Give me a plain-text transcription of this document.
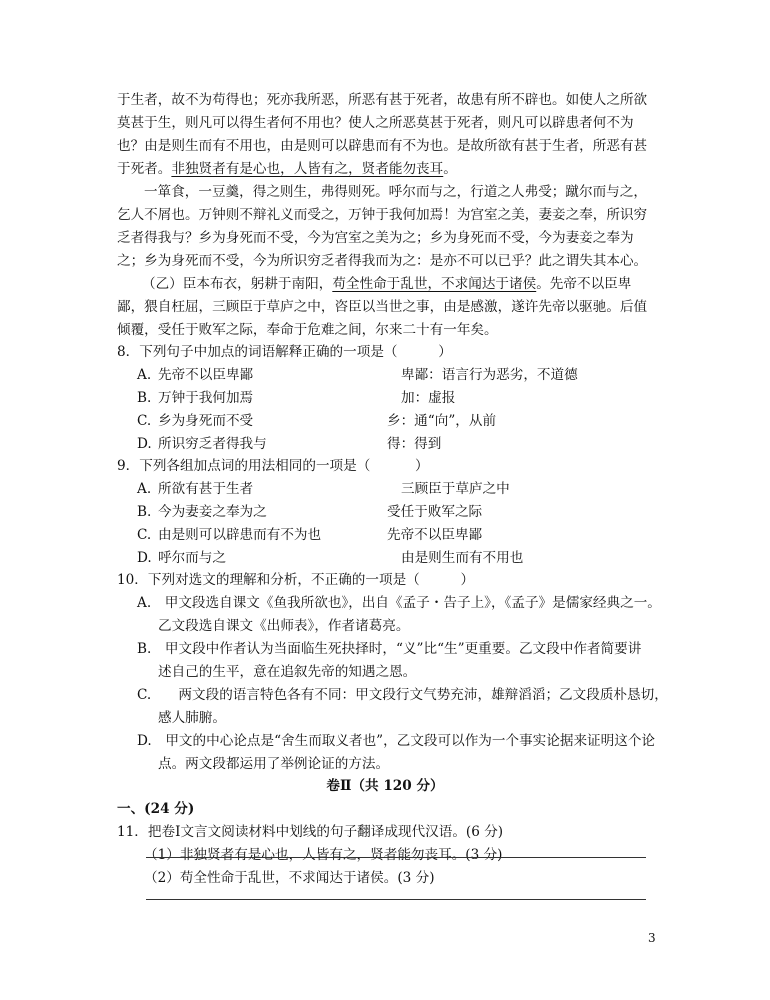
于生者，故不为苟得也；死亦我所恶，所恶有甚于死者，故患有所不辟也。如使人之所欲
莫甚于生，则凡可以得生者何不用也？使人之所恶莫甚于死者，则凡可以辟患者何不为
也？由是则生而有不用也，由是则可以辟患而有不为也。是故所欲有甚于生者，所恶有甚
于死者。非独贤者有是心也，人皆有之，贤者能勿丧耳。
一箪食，一豆羹，得之则生，弗得则死。呼尔而与之，行道之人弗受；蹴尔而与之，
乞人不屑也。万钟则不辩礼义而受之，万钟于我何加焉！为宫室之美，妻妾之奉，所识穷
乏者得我与？乡为身死而不受，今为宫室之美为之；乡为身死而不受，今为妻妾之奉为
之；乡为身死而不受，今为所识穷乏者得我而为之：是亦不可以已乎？此之谓失其本心。
（乙）臣本布衣，躬耕于南阳，苟全性命于乱世，不求闻达于诸侯。先帝不以臣卑
鄙，猥自枉屈，三顾臣于草庐之中，咨臣以当世之事，由是感激，遂许先帝以驱驰。后值
倾覆，受任于败军之际，奉命于危难之间，尔来二十有一年矣。
8．下列句子中加点的词语解释正确的一项是（　　　）
A. 先帝不以臣卑鄙	卑鄙：语言行为恶劣，不道德
B. 万钟于我何加焉	加：虚报
C. 乡为身死而不受	乡：通“向”，从前
D. 所识穷乏者得我与	得：得到
9．下列各组加点词的用法相同的一项是（	）
A. 所欲有甚于生者	三顾臣于草庐之中
B. 今为妻妾之奉为之	受任于败军之际
C. 由是则可以辟患而有不为也	先帝不以臣卑鄙
D. 呼尔而与之	由是则生而有不用也
10．下列对选文的理解和分析，不正确的一项是（　　　）
A.　甲文段选自课文《鱼我所欲也》，出自《孟子・告子上》，《孟子》是儒家经典之一。
乙文段选自课文《出师表》，作者诸葛亮。
B.　甲文段中作者认为当面临生死抉择时，“义”比“生”更重要。乙文段中作者简要讲
述自己的生平，意在追叙先帝的知遇之恩。
C.　　两文段的语言特色各有不同：甲文段行文气势充沛，雄辩滔滔；乙文段质朴恳切，
感人肺腑。
D.　甲文的中心论点是“舍生而取义者也”，乙文段可以作为一个事实论据来证明这个论
点。两文段都运用了举例论证的方法。
卷Ⅱ（共 120 分）
一、(24 分)
11．把卷Ⅰ文言文阅读材料中划线的句子翻译成现代汉语。(6 分)
（1）非独贤者有是心也，人皆有之，贤者能勿丧耳。(3 分)
（2）苟全性命于乱世，不求闻达于诸侯。(3 分)
3
